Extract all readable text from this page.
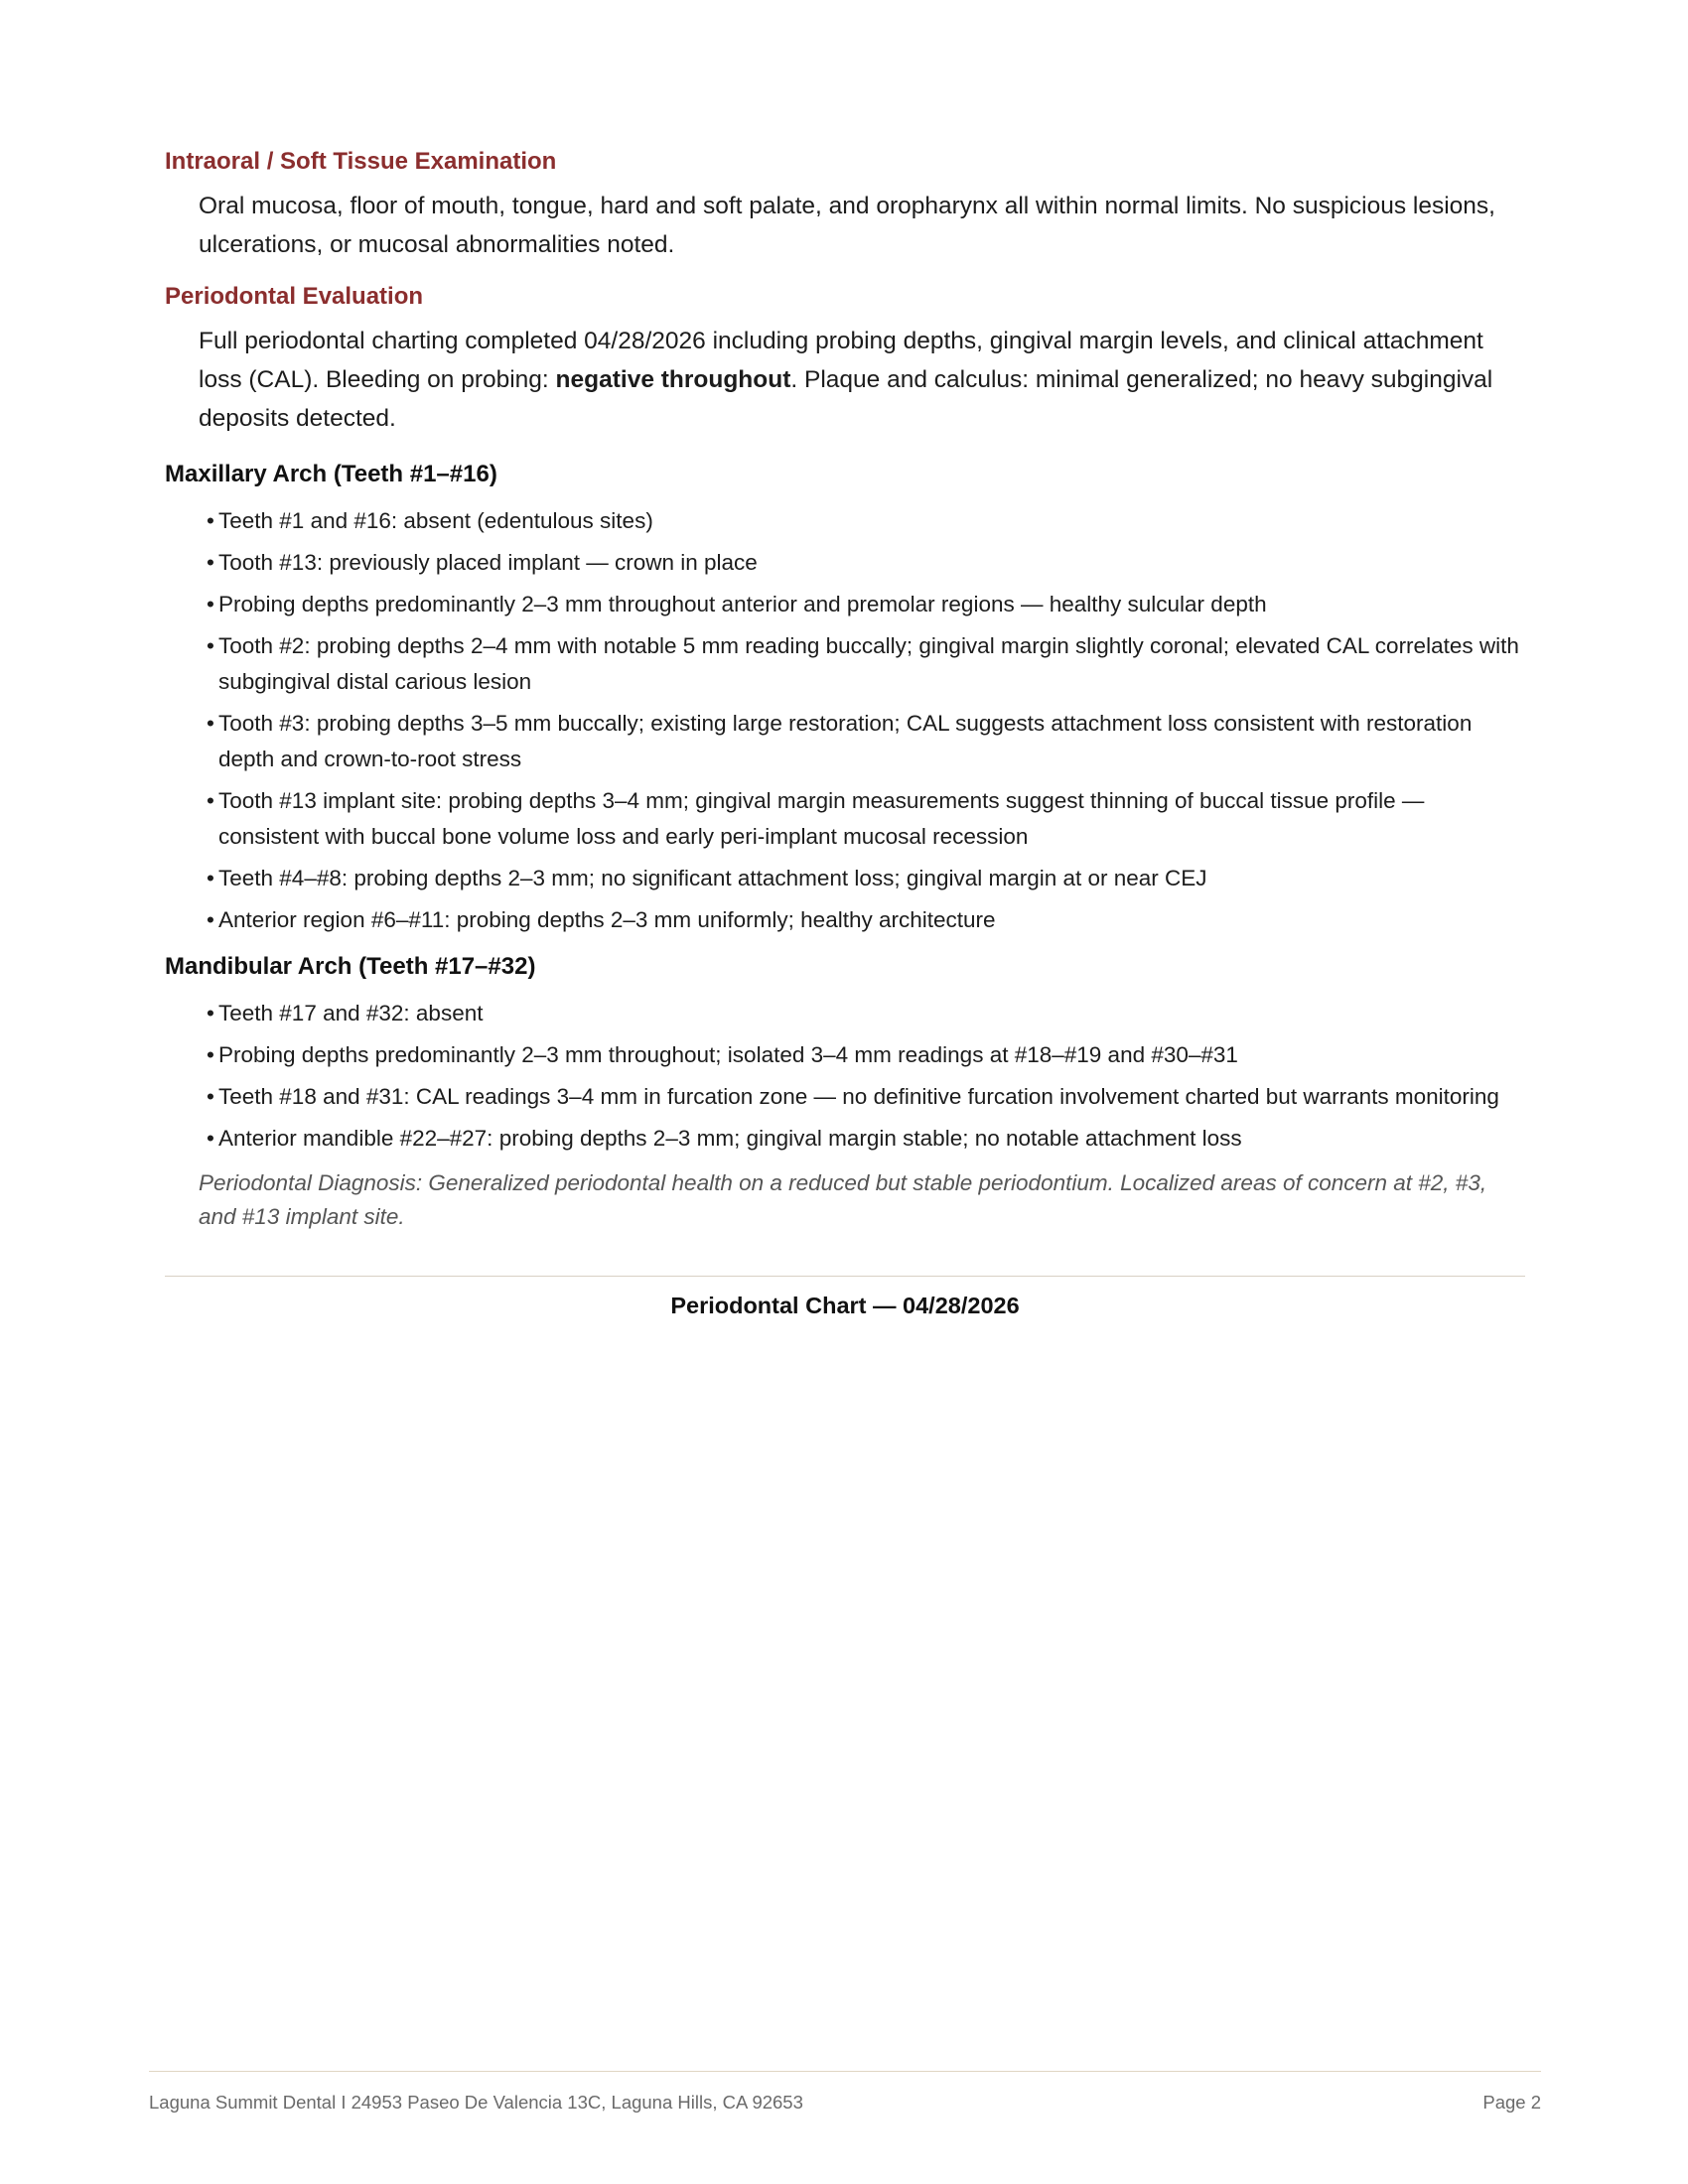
Intraoral / Soft Tissue Examination
Oral mucosa, floor of mouth, tongue, hard and soft palate, and oropharynx all within normal limits. No suspicious lesions, ulcerations, or mucosal abnormalities noted.
Periodontal Evaluation
Full periodontal charting completed 04/28/2026 including probing depths, gingival margin levels, and clinical attachment loss (CAL). Bleeding on probing: negative throughout. Plaque and calculus: minimal generalized; no heavy subgingival deposits detected.
Maxillary Arch (Teeth #1–#16)
• Teeth #1 and #16: absent (edentulous sites)
• Tooth #13: previously placed implant — crown in place
• Probing depths predominantly 2–3 mm throughout anterior and premolar regions — healthy sulcular depth
• Tooth #2: probing depths 2–4 mm with notable 5 mm reading buccally; gingival margin slightly coronal; elevated CAL correlates with subgingival distal carious lesion
• Tooth #3: probing depths 3–5 mm buccally; existing large restoration; CAL suggests attachment loss consistent with restoration depth and crown-to-root stress
• Tooth #13 implant site: probing depths 3–4 mm; gingival margin measurements suggest thinning of buccal tissue profile — consistent with buccal bone volume loss and early peri-implant mucosal recession
• Teeth #4–#8: probing depths 2–3 mm; no significant attachment loss; gingival margin at or near CEJ
• Anterior region #6–#11: probing depths 2–3 mm uniformly; healthy architecture
Mandibular Arch (Teeth #17–#32)
• Teeth #17 and #32: absent
• Probing depths predominantly 2–3 mm throughout; isolated 3–4 mm readings at #18–#19 and #30–#31
• Teeth #18 and #31: CAL readings 3–4 mm in furcation zone — no definitive furcation involvement charted but warrants monitoring
• Anterior mandible #22–#27: probing depths 2–3 mm; gingival margin stable; no notable attachment loss
Periodontal Diagnosis: Generalized periodontal health on a reduced but stable periodontium. Localized areas of concern at #2, #3, and #13 implant site.
Periodontal Chart — 04/28/2026
Laguna Summit Dental I 24953 Paseo De Valencia 13C, Laguna Hills, CA 92653	Page 2
